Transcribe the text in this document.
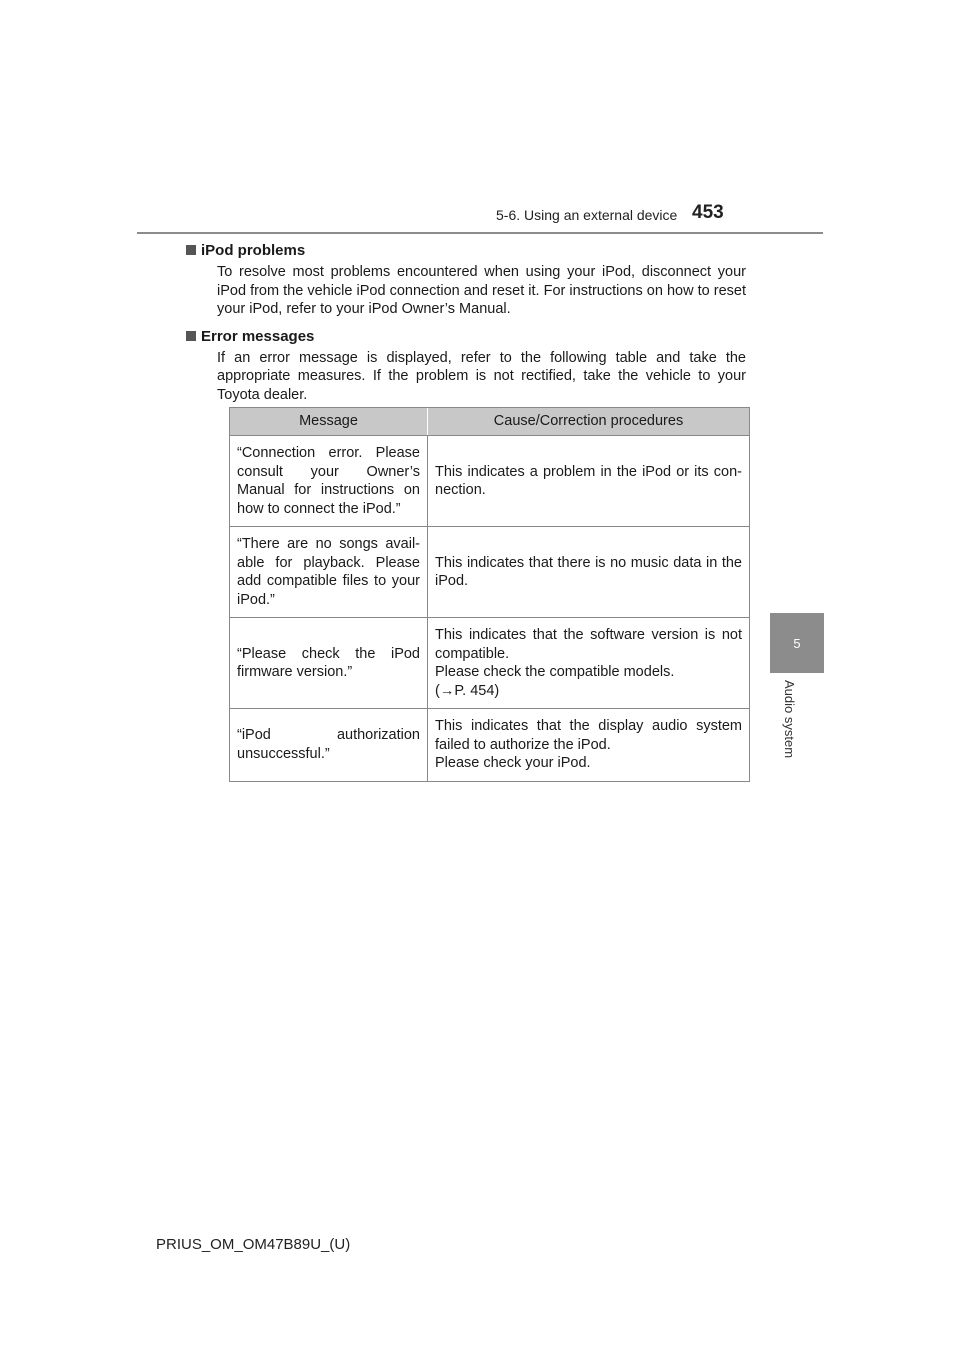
5-6. Using an external device 453
5
Audio system
iPod problems

To resolve most problems encountered when using your iPod, disconnect your iPod from the vehicle iPod connection and reset it. For instructions on how to reset your iPod, refer to your iPod Owner’s Manual.

Error messages

If an error message is displayed, refer to the following table and take the appropriate measures. If the problem is not rectified, take the vehicle to your Toyota dealer.

Message	Cause/Correction procedures
“Connection error. Please consult your Owner’s Manual for instructions on how to connect the iPod.”	This indicates a problem in the iPod or its con-nection.
“There are no songs avail-able for playback. Please add compatible files to your iPod.”	This indicates that there is no music data in the iPod.
“Please check the iPod firmware version.”	This indicates that the software version is not compatible.
Please check the compatible models.
(→P. 454)
“iPod authorization unsuccessful.”	This indicates that the display audio system failed to authorize the iPod.
Please check your iPod.
PRIUS_OM_OM47B89U_(U)
